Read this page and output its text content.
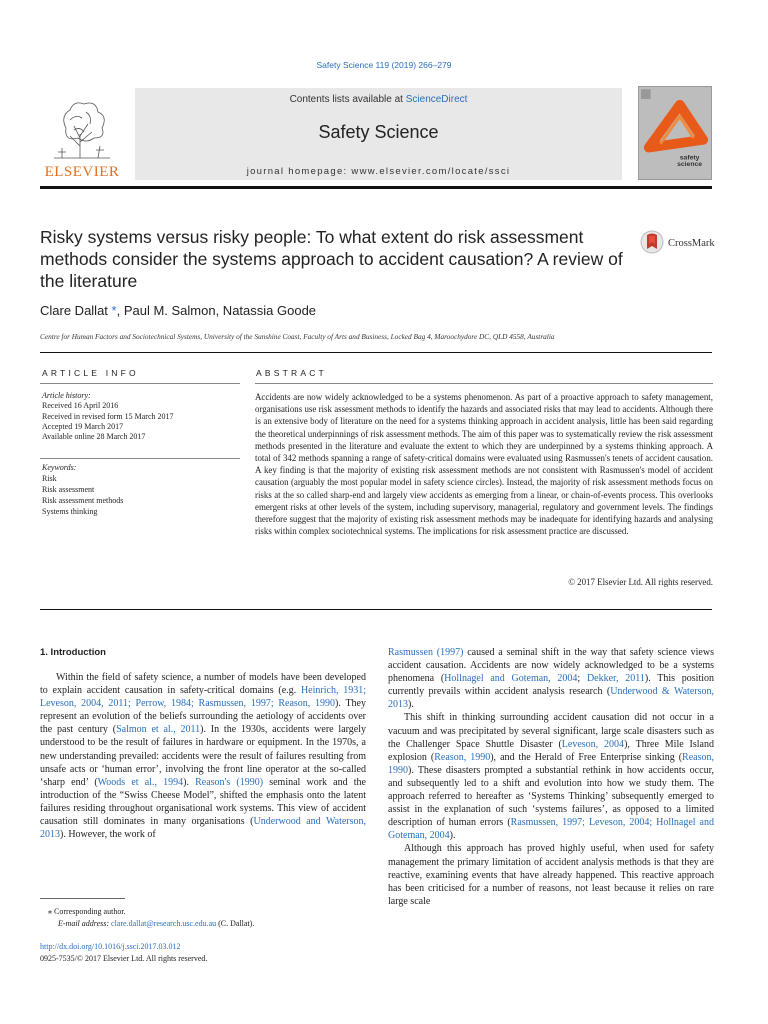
Safety Science 119 (2019) 266–279
ELSEVIER
Contents lists available at ScienceDirect
Safety Science
journal homepage: www.elsevier.com/locate/ssci
safety science
Risky systems versus risky people: To what extent do risk assessment methods consider the systems approach to accident causation? A review of the literature
CrossMark
Clare Dallat *, Paul M. Salmon, Natassia Goode
Centre for Human Factors and Sociotechnical Systems, University of the Sunshine Coast, Faculty of Arts and Business, Locked Bag 4, Maroochydore DC, QLD 4558, Australia
ARTICLE INFO	ABSTRACT
Article history:
Received 16 April 2016
Received in revised form 15 March 2017
Accepted 19 March 2017
Available online 28 March 2017
Keywords:
Risk
Risk assessment
Risk assessment methods
Systems thinking
Accidents are now widely acknowledged to be a systems phenomenon. As part of a proactive approach to safety management, organisations use risk assessment methods to identify the hazards and associated risks that may lead to accidents. Although there is an extensive body of literature on the need for a systems thinking approach in accident analysis, little has been said regarding the theoretical underpinnings of risk assessment methods. The aim of this paper was to systematically review the risk assessment methods presented in the literature and evaluate the extent to which they are underpinned by a systems thinking approach. A total of 342 methods spanning a range of safety-critical domains were evaluated using Rasmussen's tenets of accident causation. A key finding is that the majority of existing risk assessment methods are not consistent with Rasmussen's model of accident causation (arguably the most popular model in safety science circles). Instead, the majority of risk assessment methods focus on risks at the so called sharp-end and largely view accidents as emerging from a linear, or chain-of-events process. This overlooks emergent risks at other levels of the system, including supervisory, managerial, regulatory and government levels. The findings therefore suggest that the majority of existing risk assessment methods may be inadequate for identifying hazards and analysing risks within complex sociotechnical systems. The implications for risk assessment practice are discussed.
© 2017 Elsevier Ltd. All rights reserved.
1. Introduction
Within the field of safety science, a number of models have been developed to explain accident causation in safety-critical domains (e.g. Heinrich, 1931; Leveson, 2004, 2011; Perrow, 1984; Rasmussen, 1997; Reason, 1990). They represent an evolution of the beliefs surrounding the aetiology of accidents over the past century (Salmon et al., 2011). In the 1930s, accidents were largely understood to be the result of failures in hardware or equipment. In the 1970s, a new understanding prevailed: accidents were the result of failures resulting from unsafe acts or ‘human error’, involving the front line operator at the so-called ‘sharp end’ (Woods et al., 1994). Reason's (1990) seminal work and the introduction of the “Swiss Cheese Model”, shifted the emphasis onto the latent failures residing throughout organisational work systems. This view of accident causation still dominates in many organisations (Underwood and Waterson, 2013). However, the work of
Rasmussen (1997) caused a seminal shift in the way that safety science views accident causation. Accidents are now widely acknowledged to be a systems phenomena (Hollnagel and Goteman, 2004; Dekker, 2011). This position currently prevails within accident analysis research (Underwood & Waterson, 2013).
This shift in thinking surrounding accident causation did not occur in a vacuum and was precipitated by several significant, large scale disasters such as the Challenger Space Shuttle Disaster (Leveson, 2004), Three Mile Island explosion (Reason, 1990), and the Herald of Free Enterprise sinking (Reason, 1990). These disasters prompted a substantial rethink in how accidents occur, and subsequently led to a shift and evolution into how we study them. The approach referred to hereafter as ‘Systems Thinking’ subsequently emerged to assist in the explanation of such ‘systems failures’, as opposed to a limited description of human errors (Rasmussen, 1997; Leveson, 2004; Hollnagel and Goteman, 2004).
Although this approach has proved highly useful, when used for safety management the primary limitation of accident analysis methods is that they are reactive, examining events that have already happened. This reactive approach has been criticised for a number of reasons, not least because it relies on rare large scale
⁎ Corresponding author.
E-mail address: clare.dallat@research.usc.edu.au (C. Dallat).
http://dx.doi.org/10.1016/j.ssci.2017.03.012
0925-7535/© 2017 Elsevier Ltd. All rights reserved.
